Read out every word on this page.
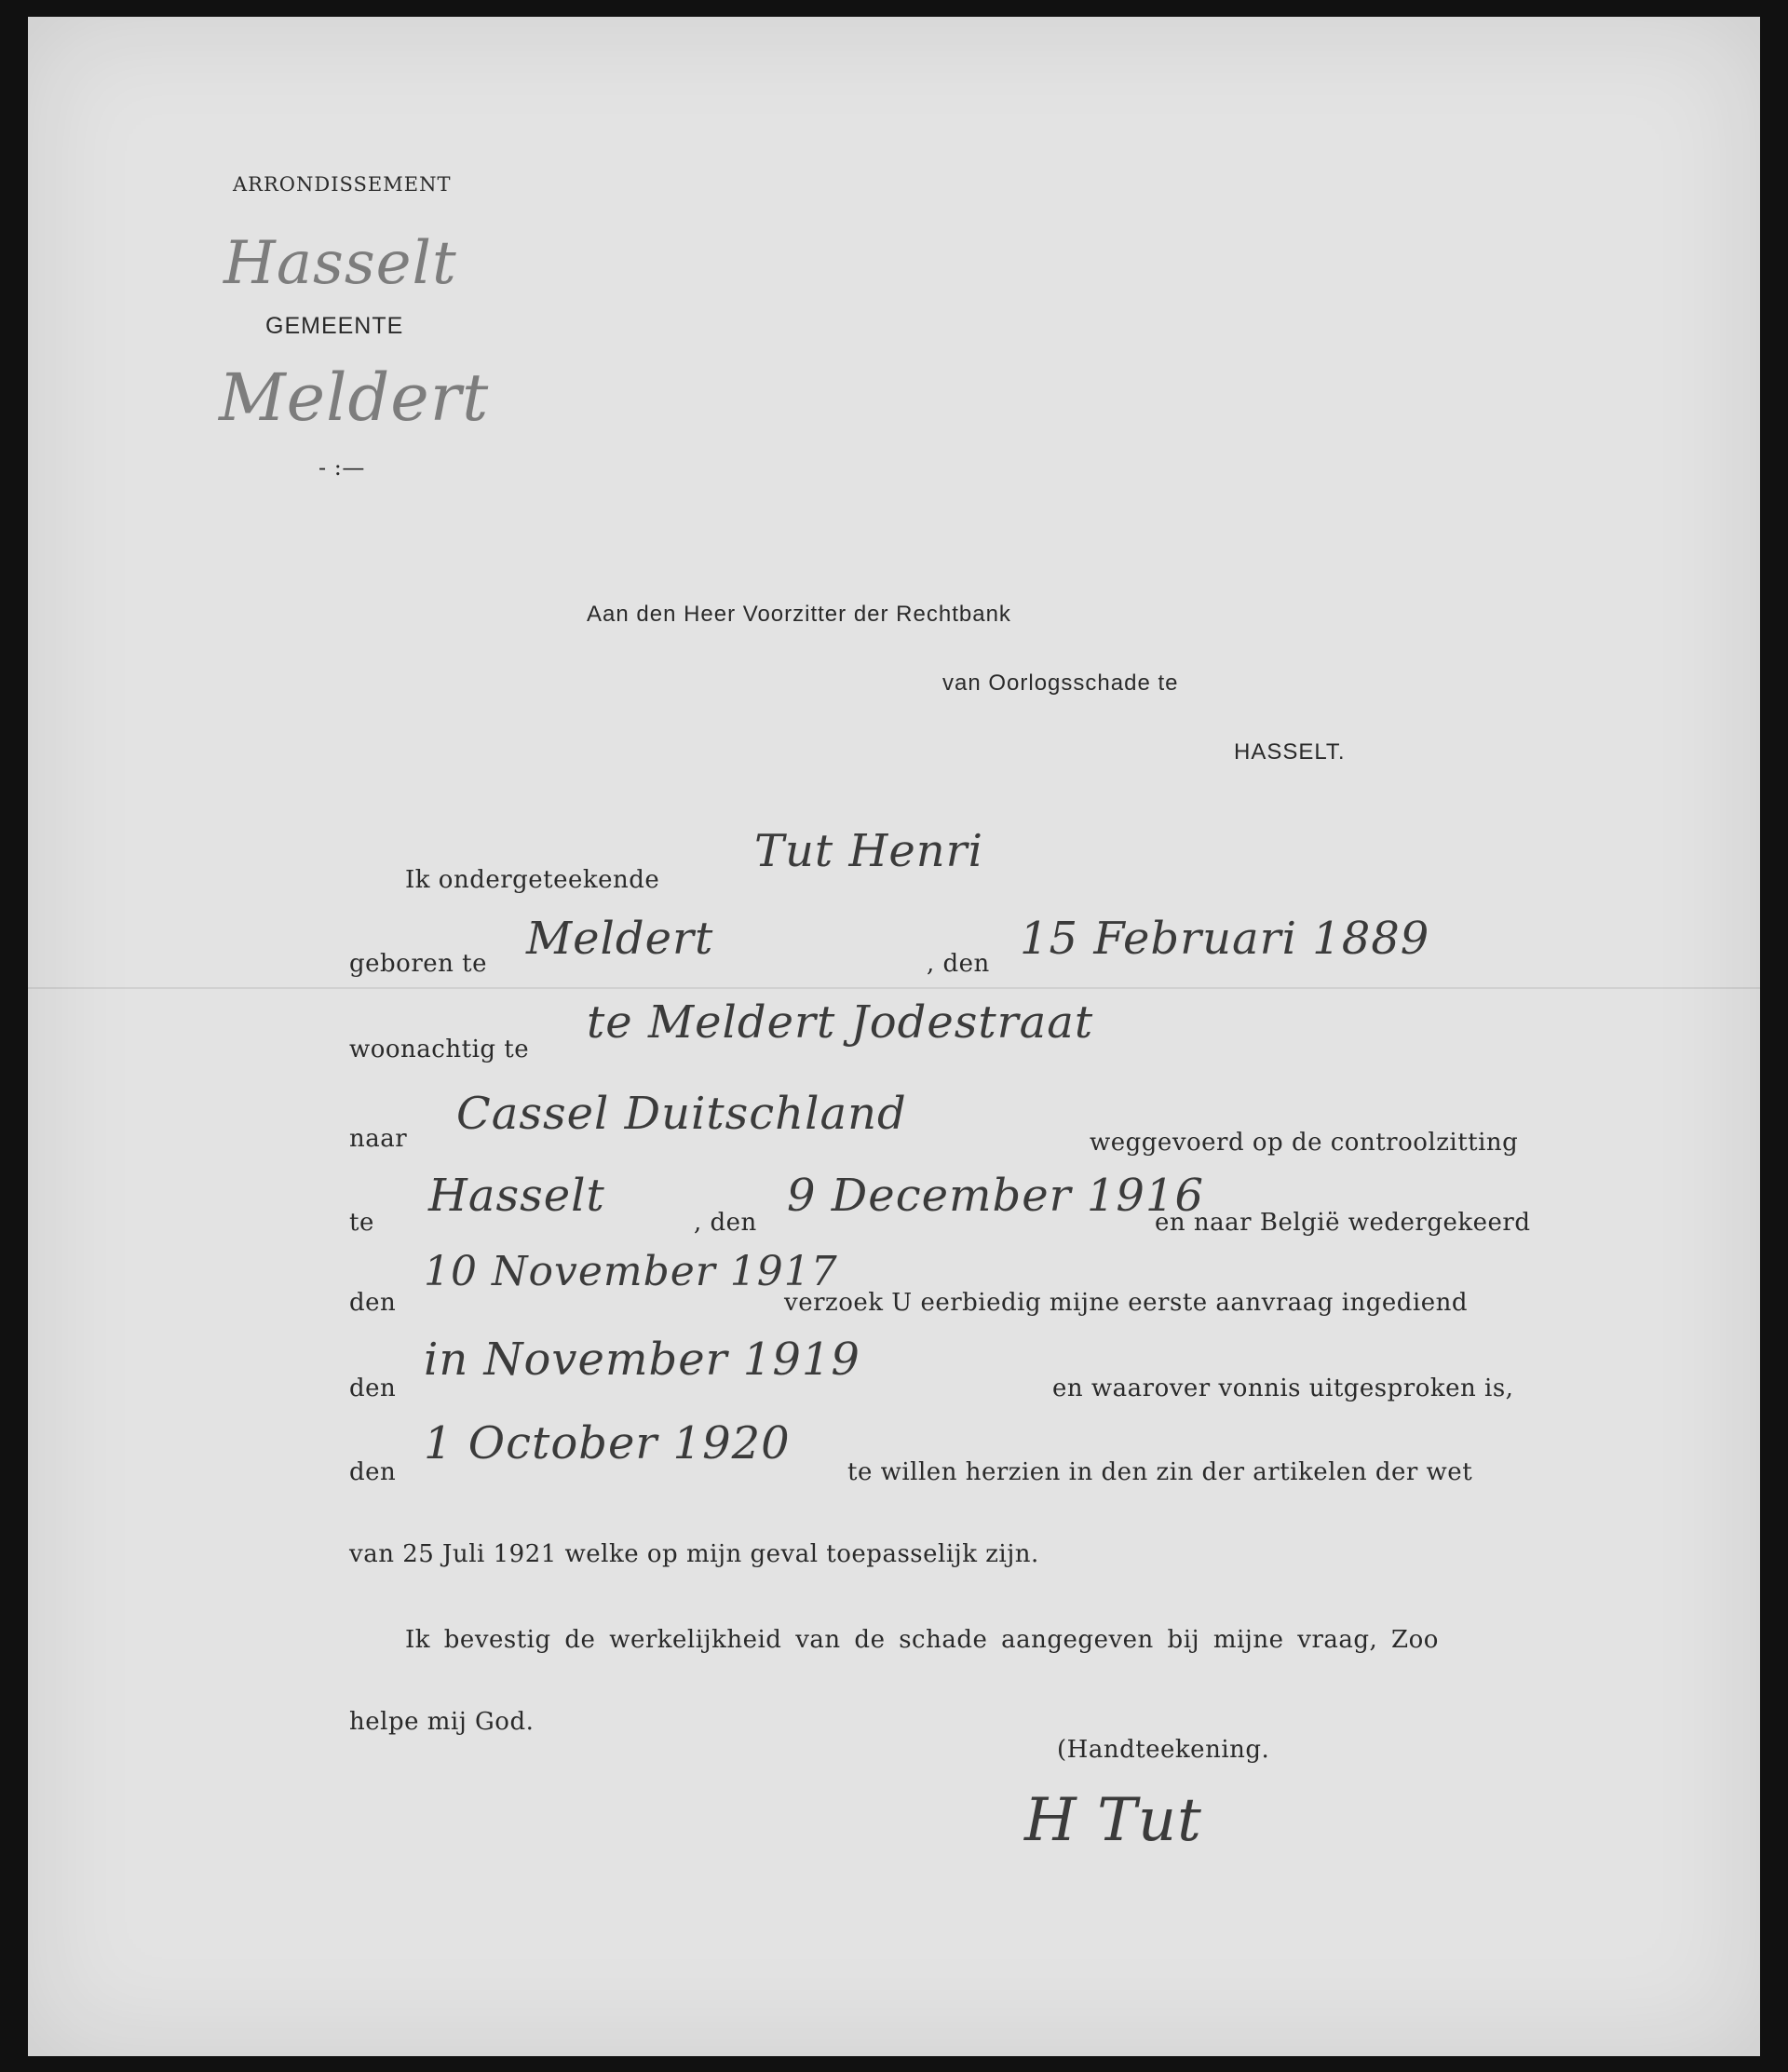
ARRONDISSEMENT
Hasselt
GEMEENTE
Meldert
- :—
Aan den Heer Voorzitter der Rechtbank
van Oorlogsschade te
HASSELT.
Ik ondergeteekende
Tut Henri
geboren te Meldert	, den 15 Februari 1889
woonachtig te
te Meldert Jodestraat
naar Cassel Duitschland
weggevoerd op de controolzitting
te
Hasselt
, den
9 December 1916
en naar België wedergekeerd
den
10 November 1917
verzoek U eerbiedig mijne eerste aanvraag ingediend
den
in November 1919
en waarover vonnis uitgesproken is,
den
1 October 1920
te willen herzien in den zin der artikelen der wet
van 25 Juli 1921 welke op mijn geval toepasselijk zijn.
Ik bevestig de werkelijkheid van de schade aangegeven bij mijne vraag, Zoo
helpe mij God.
(Handteekening.
H Tut
